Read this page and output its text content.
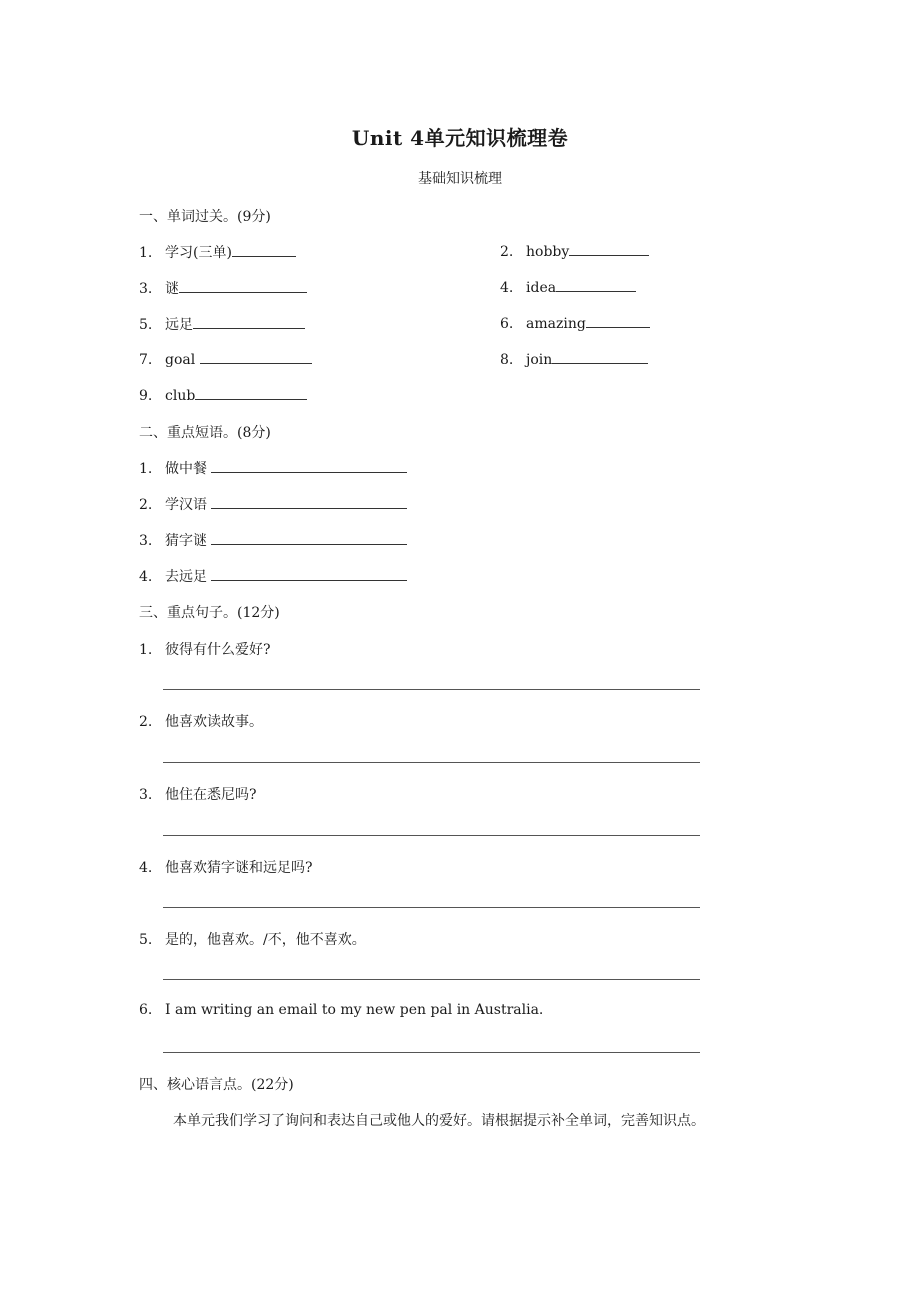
Unit 4单元知识梳理卷
基础知识梳理
一、单词过关。(9分)
1. 学习(三单)	2. hobby
3. 谜	4. idea
5. 远足	6. amazing
7. goal	8. join
9. club
二、重点短语。(8分)
1. 做中餐
2. 学汉语
3. 猜字谜
4. 去远足
三、重点句子。(12分)
1. 彼得有什么爱好?
2. 他喜欢读故事。
3. 他住在悉尼吗?
4. 他喜欢猜字谜和远足吗?
5. 是的，他喜欢。/不，他不喜欢。
6. I am writing an email to my new pen pal in Australia.
四、核心语言点。(22分)
本单元我们学习了询问和表达自己或他人的爱好。请根据提示补全单词，完善知识点。
